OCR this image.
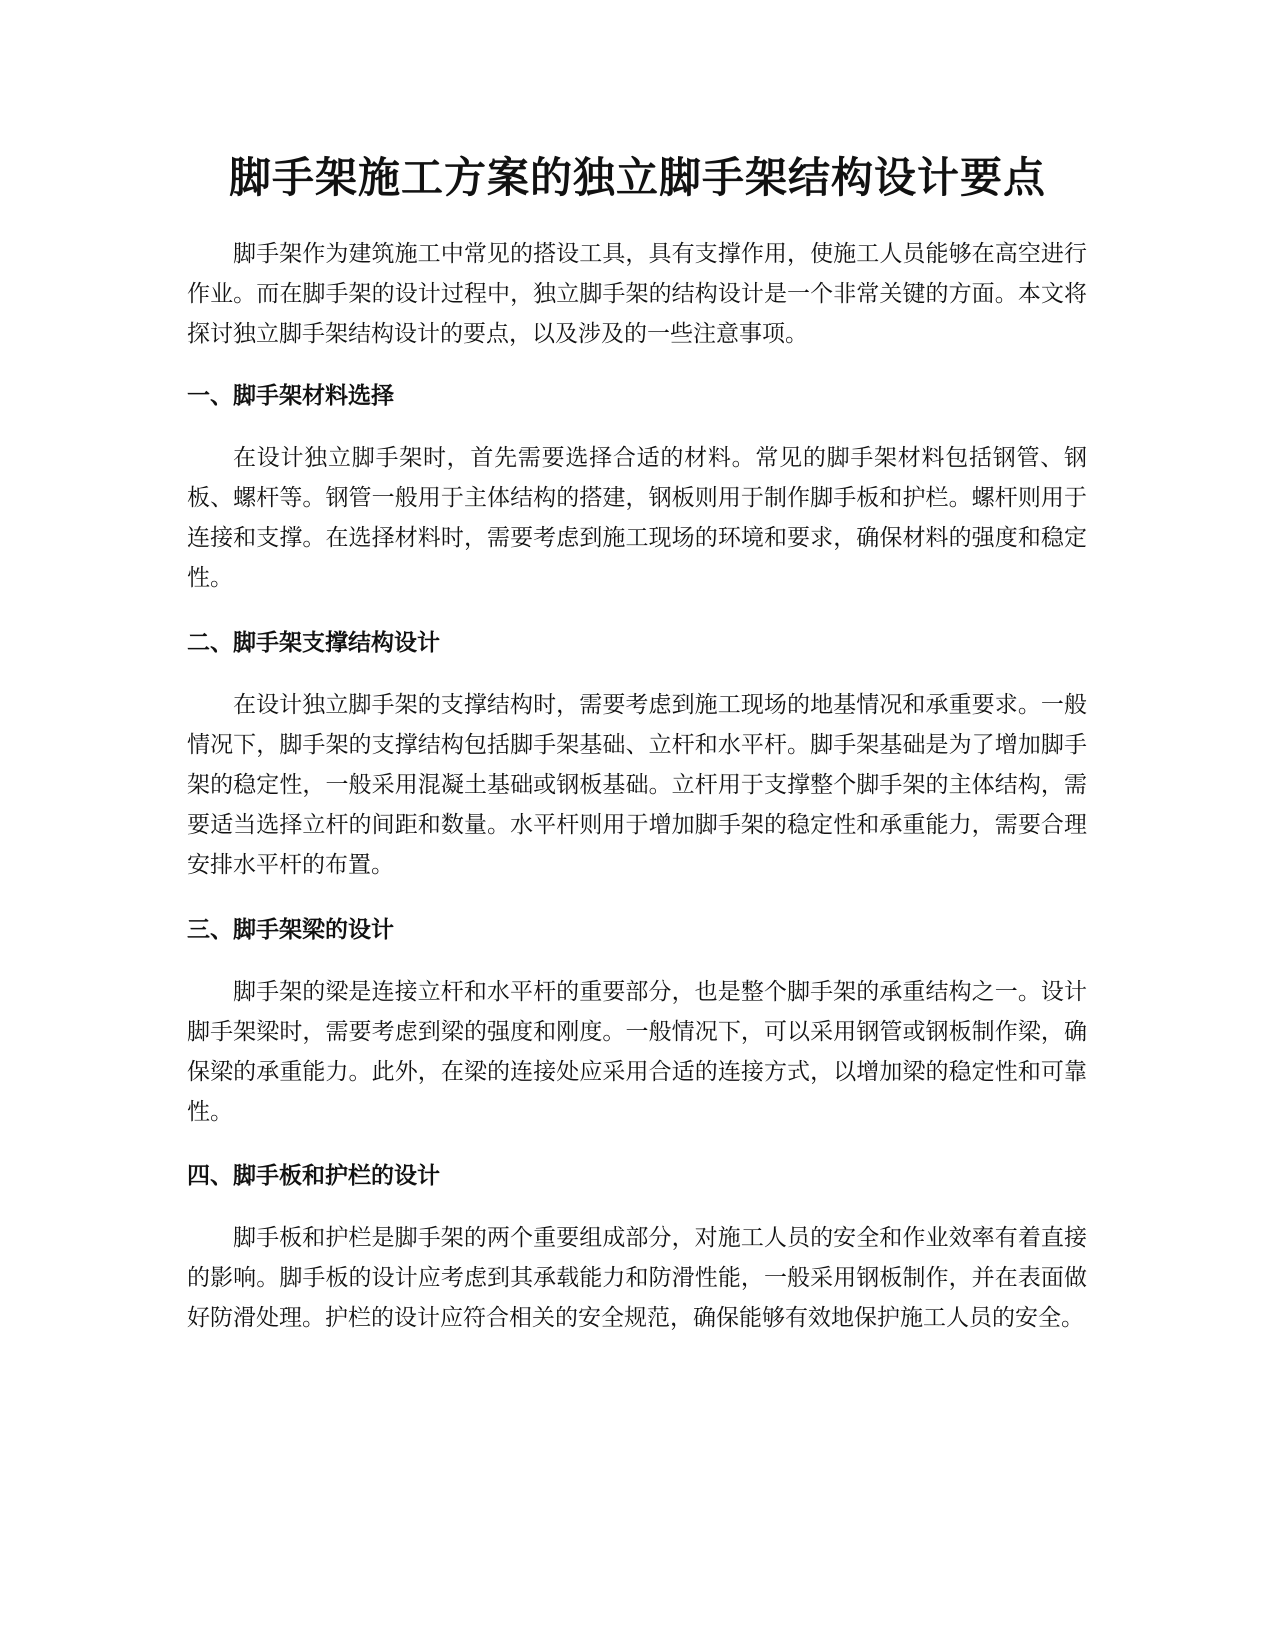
脚手架施工方案的独立脚手架结构设计要点

脚手架作为建筑施工中常见的搭设工具，具有支撑作用，使施工人员能够在高空进行作业。而在脚手架的设计过程中，独立脚手架的结构设计是一个非常关键的方面。本文将探讨独立脚手架结构设计的要点，以及涉及的一些注意事项。

一、脚手架材料选择

在设计独立脚手架时，首先需要选择合适的材料。常见的脚手架材料包括钢管、钢板、螺杆等。钢管一般用于主体结构的搭建，钢板则用于制作脚手板和护栏。螺杆则用于连接和支撑。在选择材料时，需要考虑到施工现场的环境和要求，确保材料的强度和稳定性。

二、脚手架支撑结构设计

在设计独立脚手架的支撑结构时，需要考虑到施工现场的地基情况和承重要求。一般情况下，脚手架的支撑结构包括脚手架基础、立杆和水平杆。脚手架基础是为了增加脚手架的稳定性，一般采用混凝土基础或钢板基础。立杆用于支撑整个脚手架的主体结构，需要适当选择立杆的间距和数量。水平杆则用于增加脚手架的稳定性和承重能力，需要合理安排水平杆的布置。

三、脚手架梁的设计

脚手架的梁是连接立杆和水平杆的重要部分，也是整个脚手架的承重结构之一。设计脚手架梁时，需要考虑到梁的强度和刚度。一般情况下，可以采用钢管或钢板制作梁，确保梁的承重能力。此外，在梁的连接处应采用合适的连接方式，以增加梁的稳定性和可靠性。

四、脚手板和护栏的设计

脚手板和护栏是脚手架的两个重要组成部分，对施工人员的安全和作业效率有着直接的影响。脚手板的设计应考虑到其承载能力和防滑性能，一般采用钢板制作，并在表面做好防滑处理。护栏的设计应符合相关的安全规范，确保能够有效地保护施工人员的安全。
